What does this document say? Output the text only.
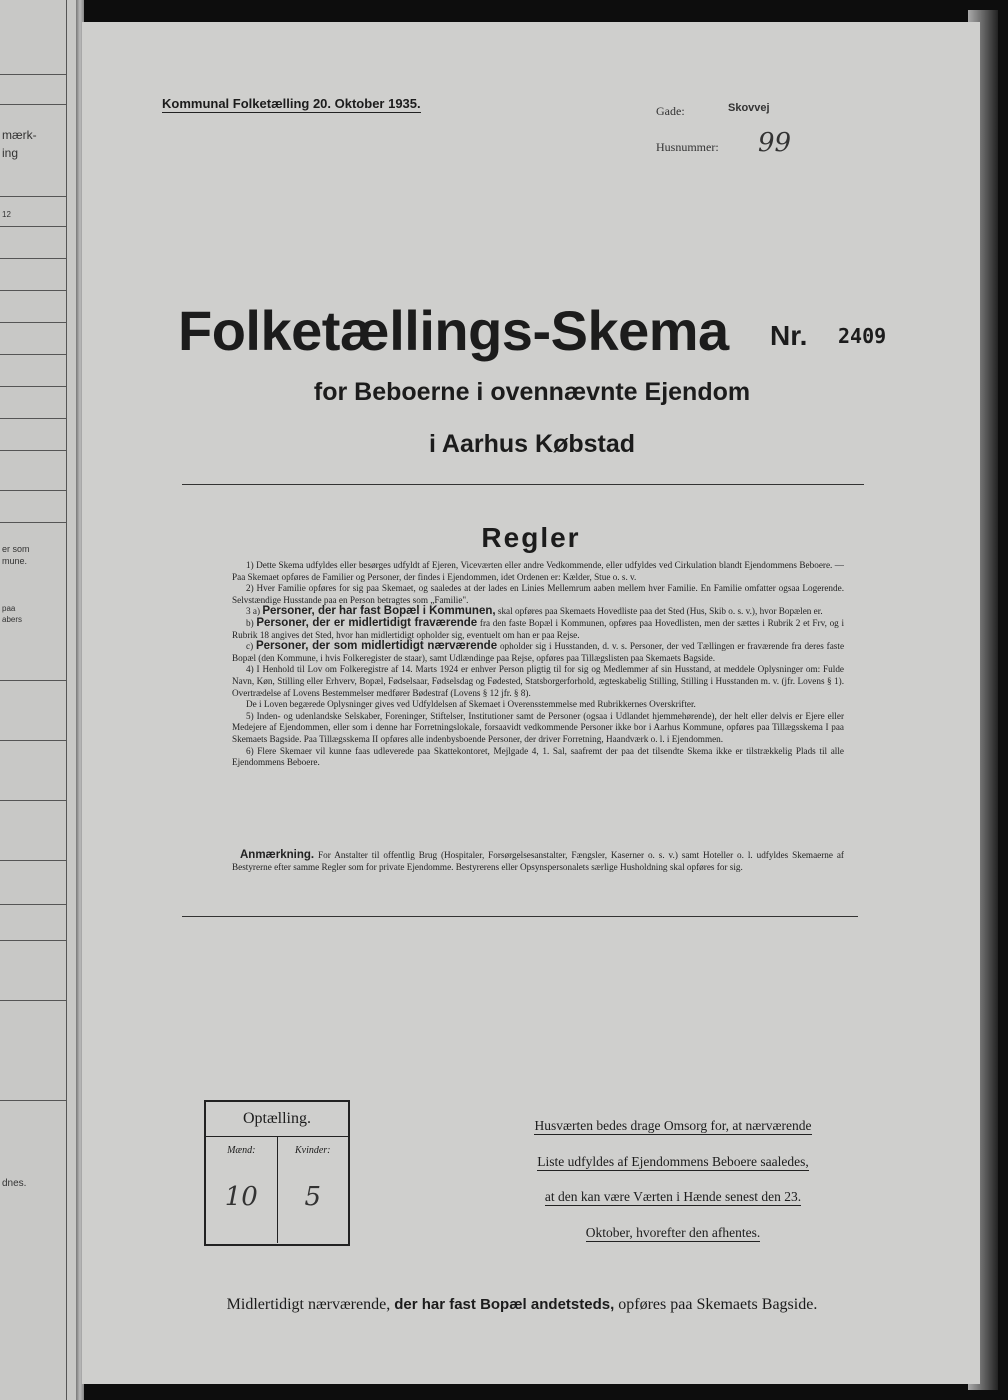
mærk-
ing
12
er som
mune.
paa
abers
dnes.
Kommunal Folketælling 20. Oktober 1935.	Gade:	Skovvej
Husnummer: 99
Folketællings-Skema Nr. 2409
for Beboerne i ovennævnte Ejendom
i Aarhus Købstad
Regler

1) Dette Skema udfyldes eller besørges udfyldt af Ejeren, Viceværten eller andre Vedkommende, eller udfyldes ved Cirkulation blandt Ejendommens Beboere. — Paa Skemaet opføres de Familier og Personer, der findes i Ejendommen, idet Ordenen er: Kælder, Stue o. s. v.

2) Hver Familie opføres for sig paa Skemaet, og saaledes at der lades en Linies Mellemrum aaben mellem hver Familie. En Familie omfatter ogsaa Logerende. Selvstændige Husstande paa en Person betragtes som „Familie".

3 a) Personer, der har fast Bopæl i Kommunen, skal opføres paa Skemaets Hovedliste paa det Sted (Hus, Skib o. s. v.), hvor Bopælen er.

b) Personer, der er midlertidigt fraværende fra den faste Bopæl i Kommunen, opføres paa Hovedlisten, men der sættes i Rubrik 2 et Frv, og i Rubrik 18 angives det Sted, hvor han midlertidigt opholder sig, eventuelt om han er paa Rejse.

c) Personer, der som midlertidigt nærværende opholder sig i Husstanden, d. v. s. Personer, der ved Tællingen er fraværende fra deres faste Bopæl (den Kommune, i hvis Folkeregister de staar), samt Udlændinge paa Rejse, opføres paa Tillægslisten paa Skemaets Bagside.

4) I Henhold til Lov om Folkeregistre af 14. Marts 1924 er enhver Person pligtig til for sig og Medlemmer af sin Husstand, at meddele Oplysninger om: Fulde Navn, Køn, Stilling eller Erhverv, Bopæl, Fødselsaar, Fødselsdag og Fødested, Statsborgerforhold, ægteskabelig Stilling, Stilling i Husstanden m. v. (jfr. Lovens § 1). Overtrædelse af Lovens Bestemmelser medfører Bødestraf (Lovens § 12 jfr. § 8).

De i Loven begærede Oplysninger gives ved Udfyldelsen af Skemaet i Overensstemmelse med Rubrikkernes Overskrifter.

5) Inden- og udenlandske Selskaber, Foreninger, Stiftelser, Institutioner samt de Personer (ogsaa i Udlandet hjemmehørende), der helt eller delvis er Ejere eller Medejere af Ejendommen, eller som i denne har Forretningslokale, forsaavidt vedkommende Personer ikke bor i Aarhus Kommune, opføres paa Tillægsskema I paa Skemaets Bagside. Paa Tillægsskema II opføres alle indenbysboende Personer, der driver Forretning, Haandværk o. l. i Ejendommen.

6) Flere Skemaer vil kunne faas udleverede paa Skattekontoret, Mejlgade 4, 1. Sal, saafremt der paa det tilsendte Skema ikke er tilstrækkelig Plads til alle Ejendommens Beboere.

Anmærkning. For Anstalter til offentlig Brug (Hospitaler, Forsørgelsesanstalter, Fængsler, Kaserner o. s. v.) samt Hoteller o. l. udfyldes Skemaerne af Bestyrerne efter samme Regler som for private Ejendomme. Bestyrerens eller Opsynspersonalets særlige Husholdning skal opføres for sig.

Optælling.
Mænd:
10
Kvinder:
5
Husværten bedes drage Omsorg for, at nærværende
Liste udfyldes af Ejendommens Beboere saaledes,
at den kan være Værten i Hænde senest den 23.
Oktober, hvorefter den afhentes.
Midlertidigt nærværende, der har fast Bopæl andetsteds, opføres paa Skemaets Bagside.
